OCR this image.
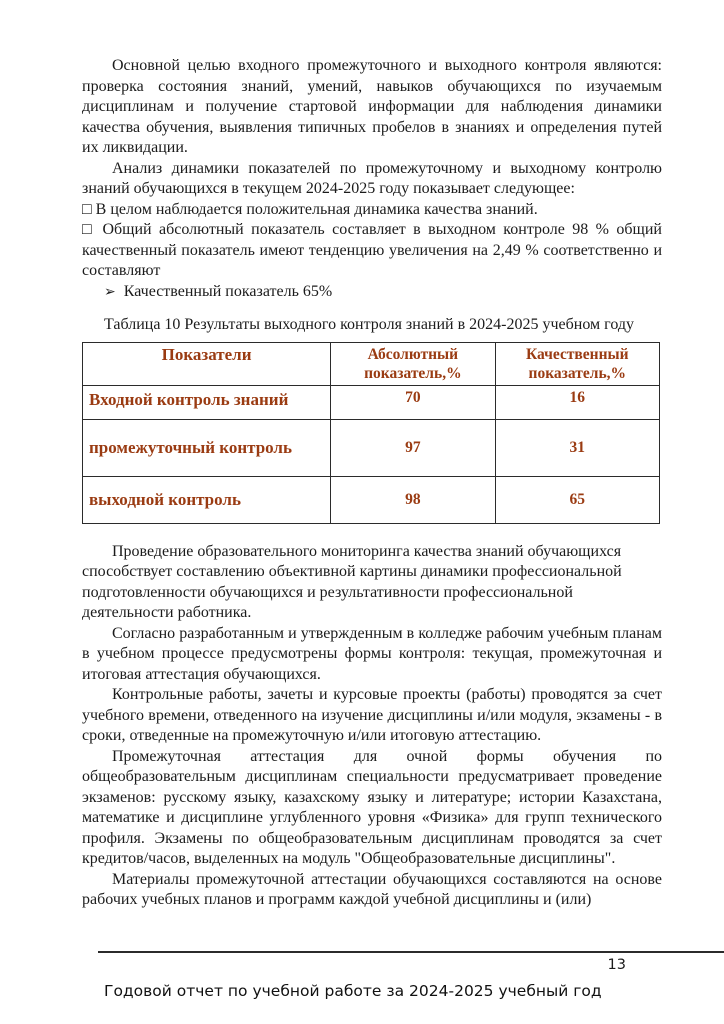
Основной целью входного промежуточного и выходного контроля являются: проверка состояния знаний, умений, навыков обучающихся по изучаемым дисциплинам и получение стартовой информации для наблюдения динамики качества обучения, выявления типичных пробелов в знаниях и определения путей их ликвидации.

Анализ динамики показателей по промежуточному и выходному контролю знаний обучающихся в текущем 2024-2025 году показывает следующее:

□ В целом наблюдается положительная динамика качества знаний.

□ Общий абсолютный показатель составляет в выходном контроле 98 % общий качественный показатель имеют тенденцию увеличения на 2,49 % соответственно и составляют

➢ Качественный показатель 65%

Таблица 10 Результаты выходного контроля знаний в 2024-2025 учебном году

Показатели	Абсолютный показатель,%	Качественный показатель,%
Входной контроль знаний	70	16
промежуточный контроль	97	31
выходной контроль	98	65

Проведение образовательного мониторинга качества знаний обучающихся способствует составлению объективной картины динамики профессиональной подготовленности обучающихся и результативности профессиональной деятельности работника.

Согласно разработанным и утвержденным в колледже рабочим учебным планам в учебном процессе предусмотрены формы контроля: текущая, промежуточная и итоговая аттестация обучающихся.

Контрольные работы, зачеты и курсовые проекты (работы) проводятся за счет учебного времени, отведенного на изучение дисциплины и/или модуля, экзамены - в сроки, отведенные на промежуточную и/или итоговую аттестацию.

Промежуточная аттестация для очной формы обучения по общеобразовательным дисциплинам специальности предусматривает проведение экзаменов: русскому языку, казахскому языку и литературе; истории Казахстана, математике и дисциплине углубленного уровня «Физика» для групп технического профиля. Экзамены по общеобразовательным дисциплинам проводятся за счет кредитов/часов, выделенных на модуль "Общеобразовательные дисциплины".

Материалы промежуточной аттестации обучающихся составляются на основе рабочих учебных планов и программ каждой учебной дисциплины и (или)

13
Годовой отчет по учебной работе за 2024-2025 учебный год
